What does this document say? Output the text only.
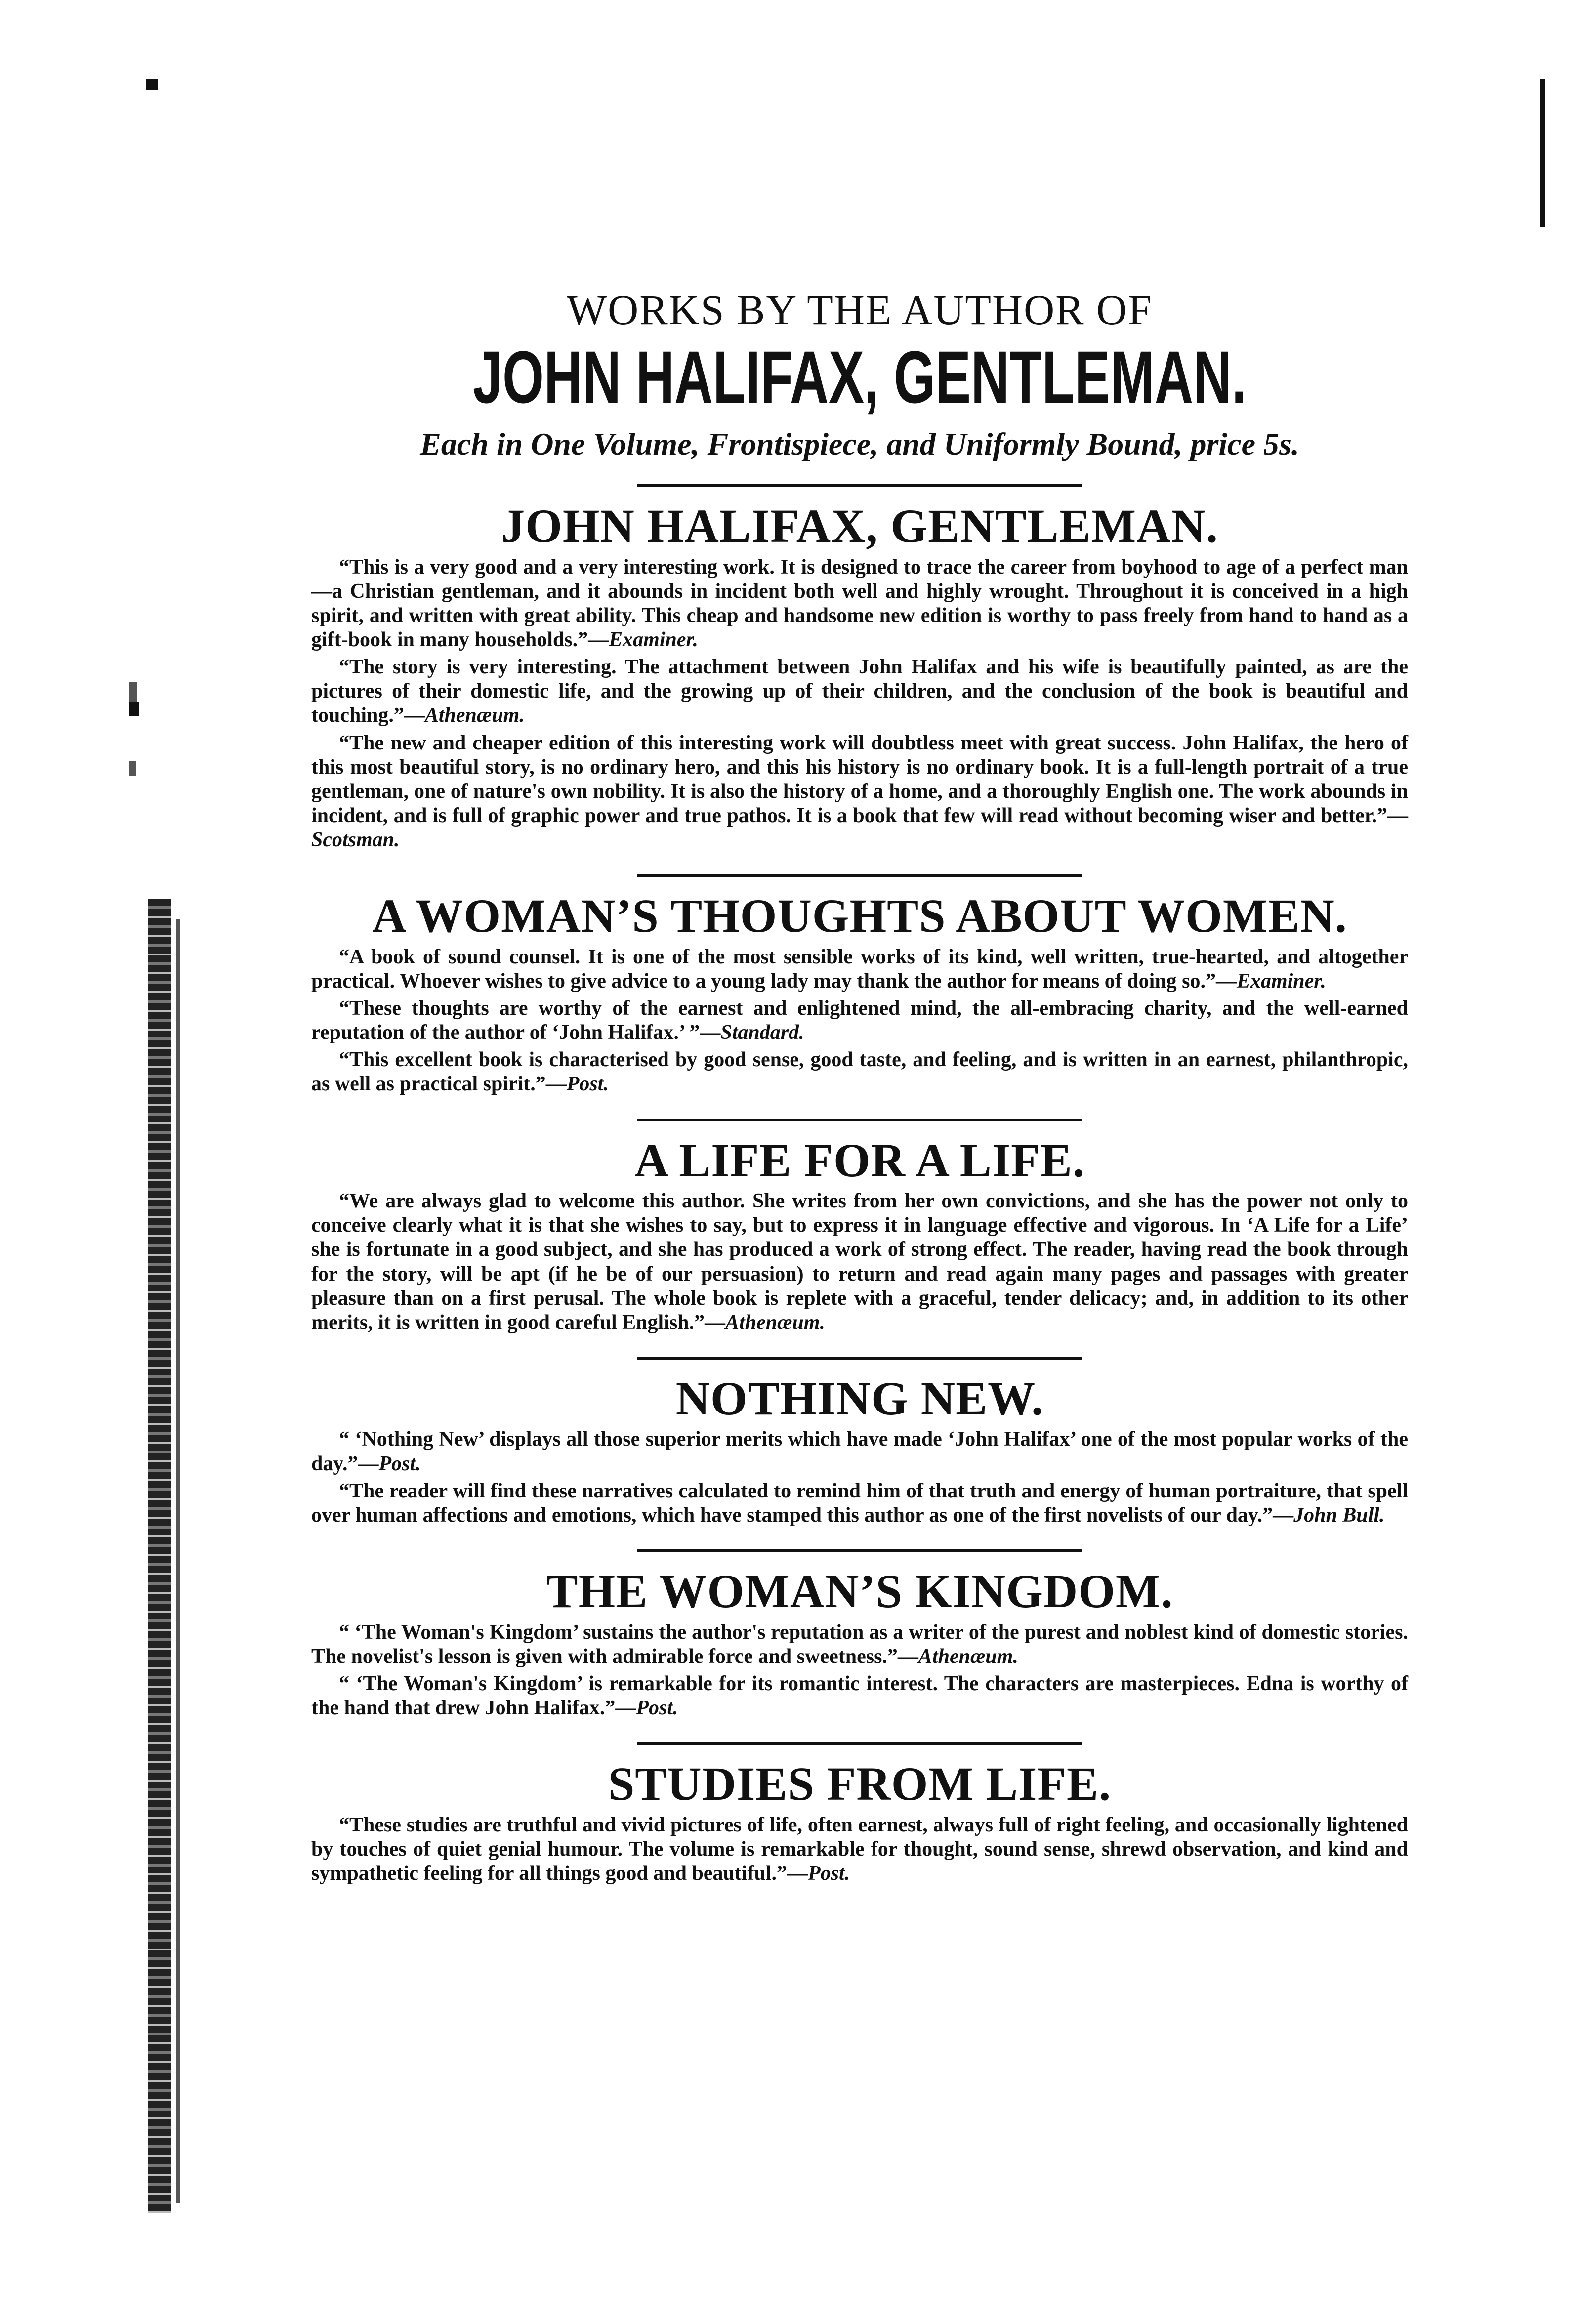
WORKS BY THE AUTHOR OF

JOHN HALIFAX, GENTLEMAN.

Each in One Volume, Frontispiece, and Uniformly Bound, price 5s.

JOHN HALIFAX, GENTLEMAN.

“This is a very good and a very interesting work. It is designed to trace the career from boyhood to age of a perfect man—a Christian gentleman, and it abounds in incident both well and highly wrought. Throughout it is conceived in a high spirit, and written with great ability. This cheap and handsome new edition is worthy to pass freely from hand to hand as a gift-book in many households.”—Examiner.

“The story is very interesting. The attachment between John Halifax and his wife is beautifully painted, as are the pictures of their domestic life, and the growing up of their children, and the conclusion of the book is beautiful and touching.”—Athenæum.

“The new and cheaper edition of this interesting work will doubtless meet with great success. John Halifax, the hero of this most beautiful story, is no ordinary hero, and this his history is no ordinary book. It is a full-length portrait of a true gentleman, one of nature's own nobility. It is also the history of a home, and a thoroughly English one. The work abounds in incident, and is full of graphic power and true pathos. It is a book that few will read without becoming wiser and better.”—Scotsman.

A WOMAN’S THOUGHTS ABOUT WOMEN.

“A book of sound counsel. It is one of the most sensible works of its kind, well written, true-hearted, and altogether practical. Whoever wishes to give advice to a young lady may thank the author for means of doing so.”—Examiner.

“These thoughts are worthy of the earnest and enlightened mind, the all-embracing charity, and the well-earned reputation of the author of ‘John Halifax.’ ”—Standard.

“This excellent book is characterised by good sense, good taste, and feeling, and is written in an earnest, philanthropic, as well as practical spirit.”—Post.

A LIFE FOR A LIFE.

“We are always glad to welcome this author. She writes from her own convictions, and she has the power not only to conceive clearly what it is that she wishes to say, but to express it in language effective and vigorous. In ‘A Life for a Life’ she is fortunate in a good subject, and she has produced a work of strong effect. The reader, having read the book through for the story, will be apt (if he be of our persuasion) to return and read again many pages and passages with greater pleasure than on a first perusal. The whole book is replete with a graceful, tender delicacy; and, in addition to its other merits, it is written in good careful English.”—Athenæum.

NOTHING NEW.

“ ‘Nothing New’ displays all those superior merits which have made ‘John Halifax’ one of the most popular works of the day.”—Post.

“The reader will find these narratives calculated to remind him of that truth and energy of human portraiture, that spell over human affections and emotions, which have stamped this author as one of the first novelists of our day.”—John Bull.

THE WOMAN’S KINGDOM.

“ ‘The Woman's Kingdom’ sustains the author's reputation as a writer of the purest and noblest kind of domestic stories. The novelist's lesson is given with admirable force and sweetness.”—Athenæum.

“ ‘The Woman's Kingdom’ is remarkable for its romantic interest. The characters are masterpieces. Edna is worthy of the hand that drew John Halifax.”—Post.

STUDIES FROM LIFE.

“These studies are truthful and vivid pictures of life, often earnest, always full of right feeling, and occasionally lightened by touches of quiet genial humour. The volume is remarkable for thought, sound sense, shrewd observation, and kind and sympathetic feeling for all things good and beautiful.”—Post.
